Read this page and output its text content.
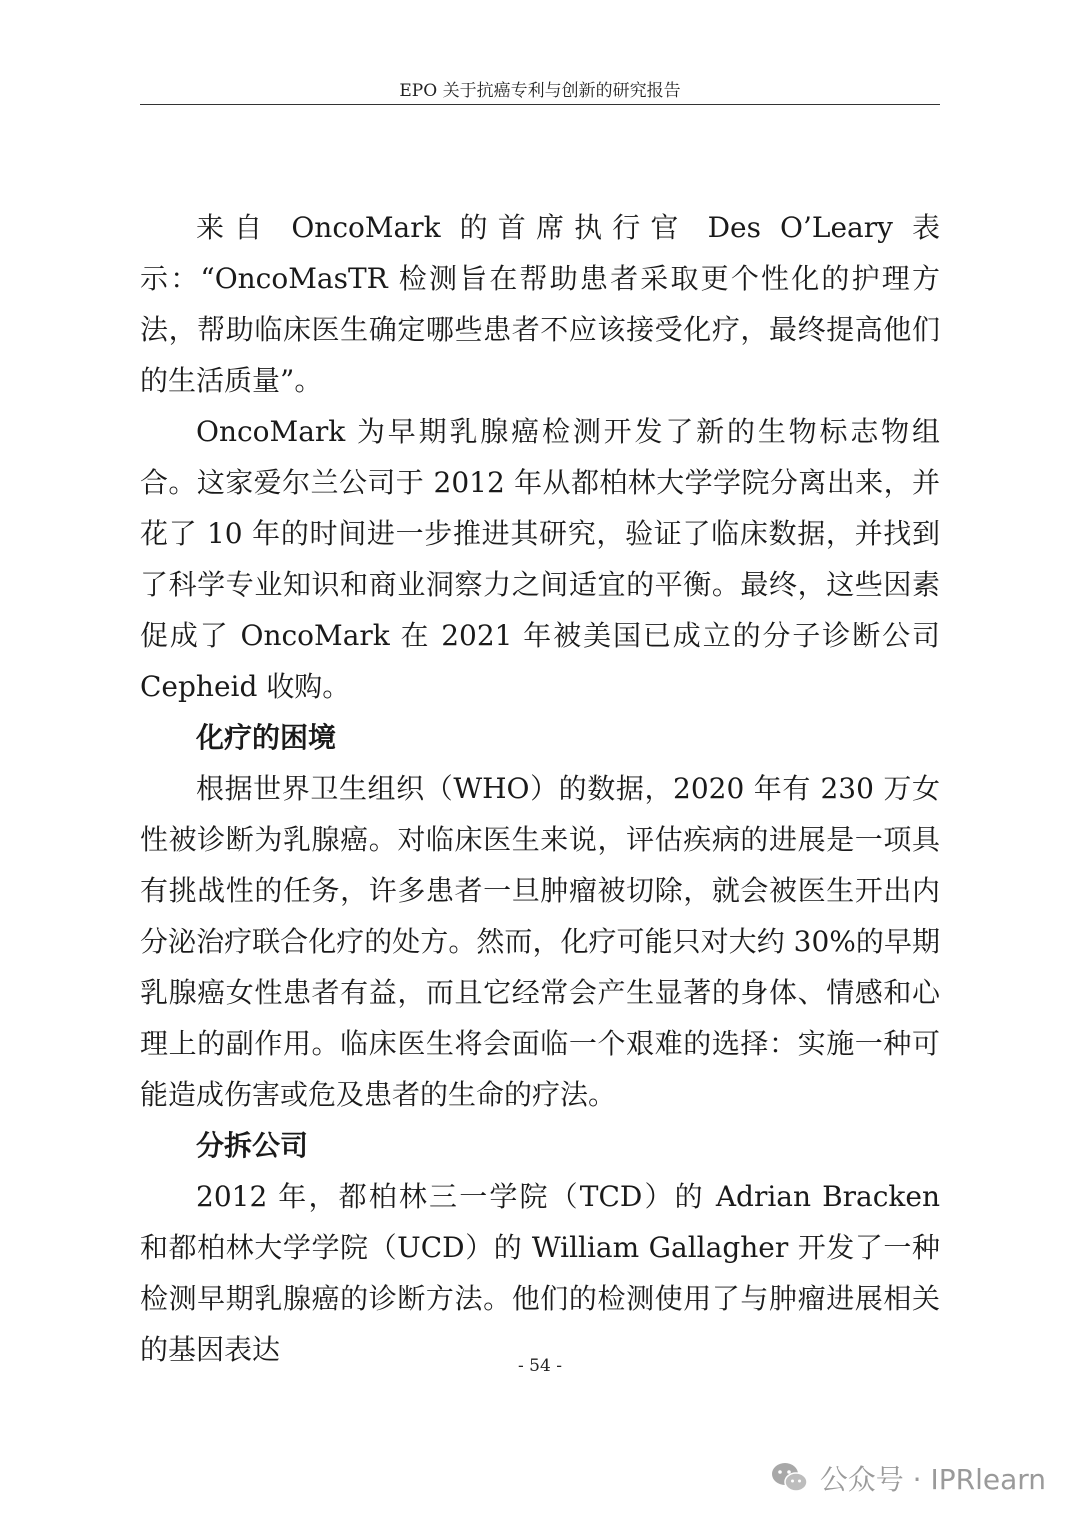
EPO 关于抗癌专利与创新的研究报告

来自 OncoMark 的首席执行官 Des O’Leary 表示：“OncoMasTR 检测旨在帮助患者采取更个性化的护理方法，帮助临床医生确定哪些患者不应该接受化疗，最终提高他们的生活质量”。

OncoMark 为早期乳腺癌检测开发了新的生物标志物组合。这家爱尔兰公司于 2012 年从都柏林大学学院分离出来，并花了 10 年的时间进一步推进其研究，验证了临床数据，并找到了科学专业知识和商业洞察力之间适宜的平衡。最终，这些因素促成了 OncoMark 在 2021 年被美国已成立的分子诊断公司 Cepheid 收购。

化疗的困境

根据世界卫生组织（WHO）的数据，2020 年有 230 万女性被诊断为乳腺癌。对临床医生来说，评估疾病的进展是一项具有挑战性的任务，许多患者一旦肿瘤被切除，就会被医生开出内分泌治疗联合化疗的处方。然而，化疗可能只对大约 30%的早期乳腺癌女性患者有益，而且它经常会产生显著的身体、情感和心理上的副作用。临床医生将会面临一个艰难的选择：实施一种可能造成伤害或危及患者的生命的疗法。

分拆公司

2012 年，都柏林三一学院（TCD）的 Adrian Bracken 和都柏林大学学院（UCD）的 William Gallagher 开发了一种检测早期乳腺癌的诊断方法。他们的检测使用了与肿瘤进展相关的基因表达	- 54 -
公众号 · IPRlearn
